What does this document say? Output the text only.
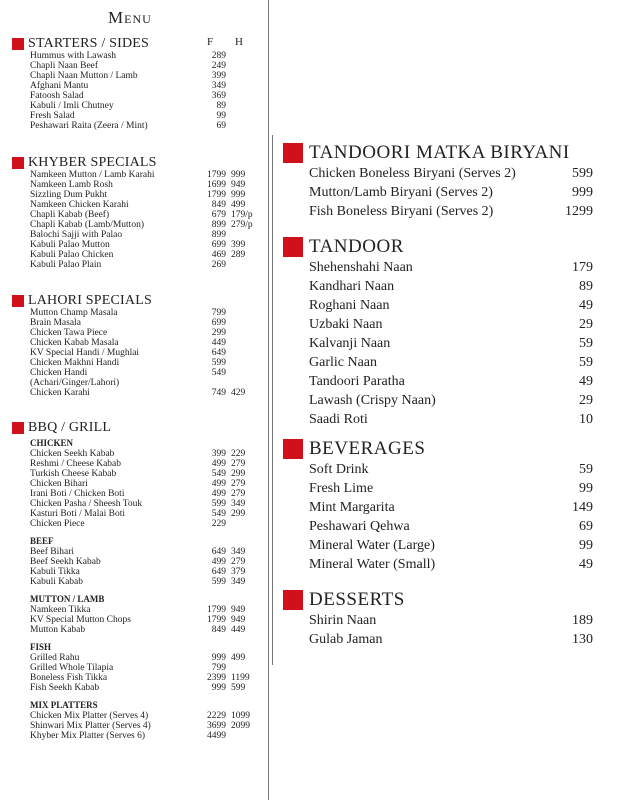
Menu
F H
STARTERS / SIDES
Hummus with Lawash	289
Chapli Naan Beef	249
Chapli Naan Mutton / Lamb	399
Afghani Mantu	349
Fatoosh Salad	369
Kabuli / Imli Chutney	89
Fresh Salad	99
Peshawari Raita (Zeera / Mint)	69
KHYBER SPECIALS
Namkeen Mutton / Lamb Karahi	1799 999
Namkeen Lamb Rosh	1699 949
Sizzling Dum Pukht	1799 999
Namkeen Chicken Karahi	849 499
Chapli Kabab (Beef)	679 179/p
Chapli Kabab (Lamb/Mutton)	899 279/p
Balochi Sajji with Palao	899
Kabuli Palao Mutton	699 399
Kabuli Palao Chicken	469 289
Kabuli Palao Plain	269
LAHORI SPECIALS
Mutton Champ Masala	799
Brain Masala	699
Chicken Tawa Piece	299
Chicken Kabab Masala	449
KV Special Handi / Mughlai	649
Chicken Makhni Handi	599
Chicken Handi	549
(Achari/Ginger/Lahori)
Chicken Karahi	749 429
BBQ / GRILL
CHICKEN
Chicken Seekh Kabab	399 229
Reshmi / Cheese Kabab	499 279
Turkish Cheese Kabab	549 299
Chicken Bihari	499 279
Irani Boti / Chicken Boti	499 279
Chicken Pasha / Sheesh Touk	599 349
Kasturi Boti / Malai Boti	549 299
Chicken Piece	229
BEEF
Beef Bihari	649 349
Beef Seekh Kabab	499 279
Kabuli Tikka	649 379
Kabuli Kabab	599 349
MUTTON / LAMB
Namkeen Tikka	1799 949
KV Special Mutton Chops	1799 949
Mutton Kabab	849 449
FISH
Grilled Rahu	999 499
Grilled Whole Tilapia	799
Boneless Fish Tikka	2399 1199
Fish Seekh Kabab	999 599
MIX PLATTERS
Chicken Mix Platter (Serves 4)	2229 1099
Shinwari Mix Platter (Serves 4)	3699 2099
Khyber Mix Platter (Serves 6)	4499
TANDOORI MATKA BIRYANI
Chicken Boneless Biryani (Serves 2)	599
Mutton/Lamb Biryani (Serves 2)	999
Fish Boneless Biryani (Serves 2)	1299
TANDOOR
Shehenshahi Naan	179
Kandhari Naan	89
Roghani Naan	49
Uzbaki Naan	29
Kalvanji Naan	59
Garlic Naan	59
Tandoori Paratha	49
Lawash (Crispy Naan)	29
Saadi Roti	10
BEVERAGES
Soft Drink	59
Fresh Lime	99
Mint Margarita	149
Peshawari Qehwa	69
Mineral Water (Large)	99
Mineral Water (Small)	49
DESSERTS
Shirin Naan	189
Gulab Jaman	130
